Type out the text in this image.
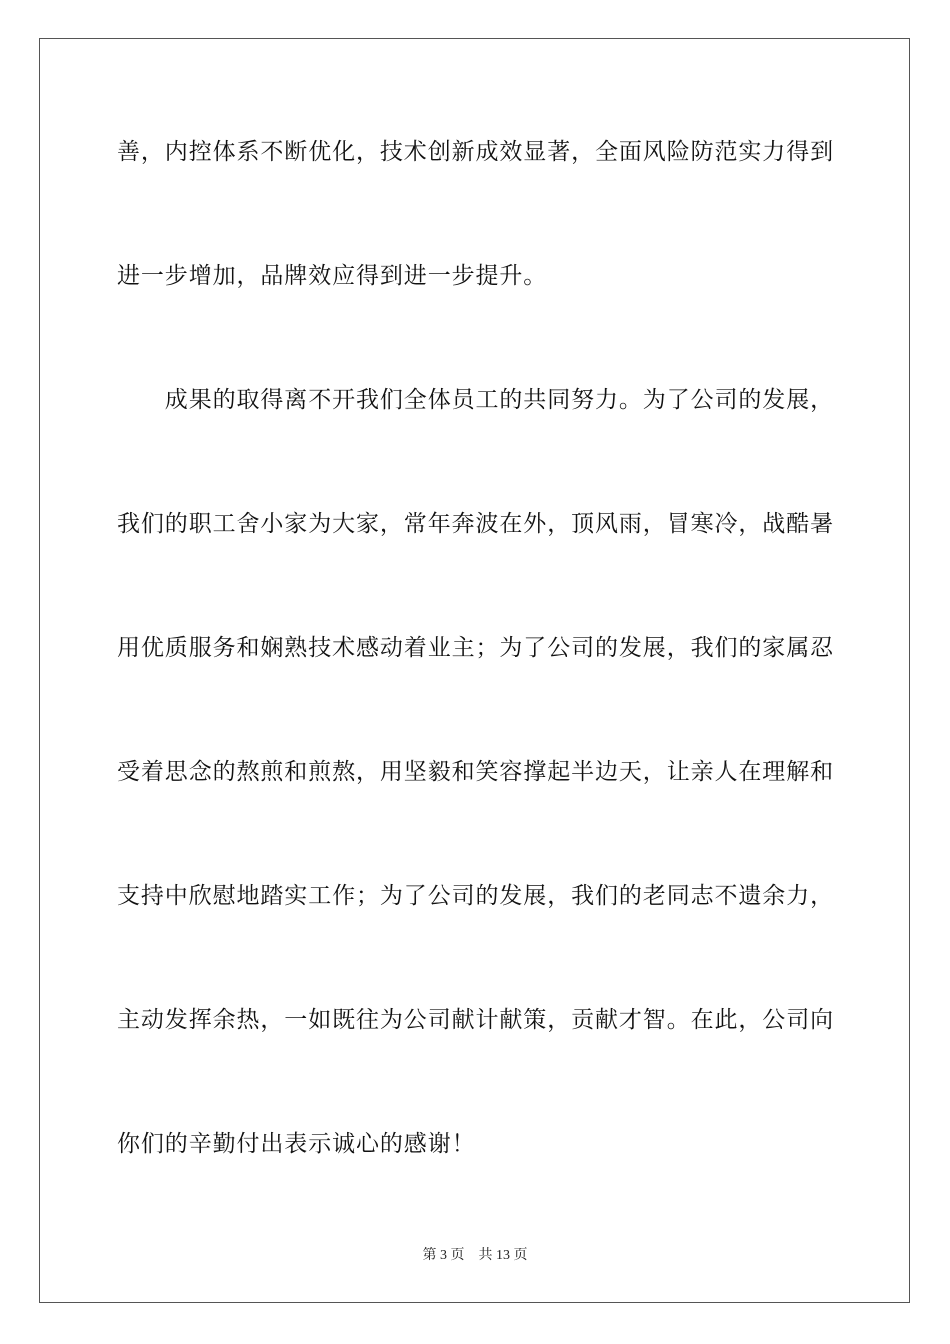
善，内控体系不断优化，技术创新成效显著，全面风险防范实力得到
进一步增加，品牌效应得到进一步提升。
　　成果的取得离不开我们全体员工的共同努力。为了公司的发展，
我们的职工舍小家为大家，常年奔波在外，顶风雨，冒寒冷，战酷暑
用优质服务和娴熟技术感动着业主；为了公司的发展，我们的家属忍
受着思念的熬煎和煎熬，用坚毅和笑容撑起半边天，让亲人在理解和
支持中欣慰地踏实工作；为了公司的发展，我们的老同志不遗余力，
主动发挥余热，一如既往为公司献计献策，贡献才智。在此，公司向
你们的辛勤付出表示诚心的感谢！
第 3 页　共 13 页
